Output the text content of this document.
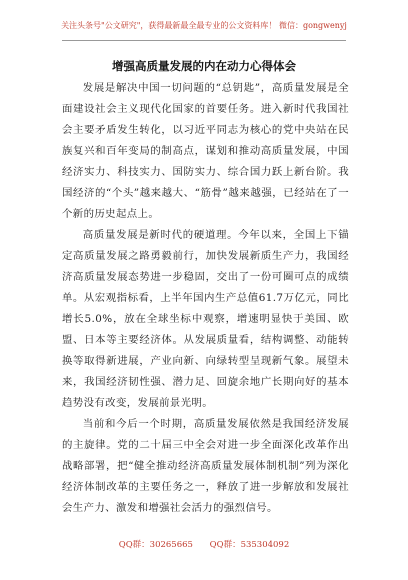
关注头条号"公文研究"，获得最新最全最专业的公文资料库！ 微信：gongwenyj
增强高质量发展的内在动力心得体会

发展是解决中国一切问题的“总钥匙”，高质量发展是全面建设社会主义现代化国家的首要任务。进入新时代我国社会主要矛盾发生转化，以习近平同志为核心的党中央站在民族复兴和百年变局的制高点，谋划和推动高质量发展，中国经济实力、科技实力、国防实力、综合国力跃上新台阶。我国经济的“个头”越来越大、“筋骨”越来越强，已经站在了一个新的历史起点上。

高质量发展是新时代的硬道理。今年以来，全国上下锚定高质量发展之路勇毅前行，加快发展新质生产力，我国经济高质量发展态势进一步稳固，交出了一份可圈可点的成绩单。从宏观指标看，上半年国内生产总值61.7万亿元，同比增长5.0%，放在全球坐标中观察，增速明显快于美国、欧盟、日本等主要经济体。从发展质量看，结构调整、动能转换等取得新进展，产业向新、向绿转型呈现新气象。展望未来，我国经济韧性强、潜力足、回旋余地广长期向好的基本趋势没有改变，发展前景光明。

当前和今后一个时期，高质量发展依然是我国经济发展的主旋律。党的二十届三中全会对进一步全面深化改革作出战略部署，把“健全推动经济高质量发展体制机制”列为深化经济体制改革的主要任务之一，释放了进一步解放和发展社会生产力、激发和增强社会活力的强烈信号。

QQ群：30265665 QQ群：535304092
